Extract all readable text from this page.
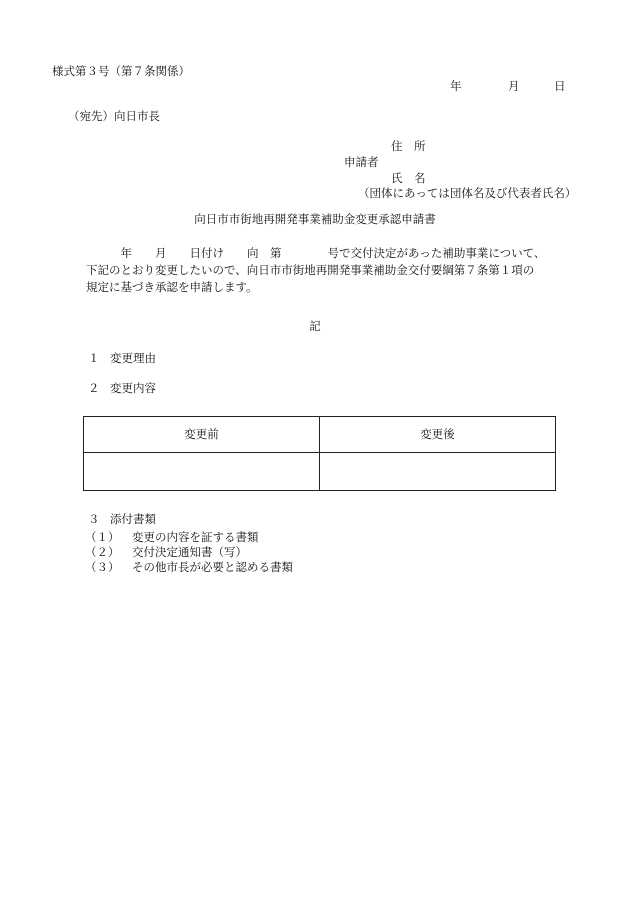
様式第３号（第７条関係）
年	月	日
（宛先）向日市長
申請者
住　所
氏　名
（団体にあっては団体名及び代表者氏名）
向日市市街地再開発事業補助金変更承認申請書
　　　年　　月　　日付け　　向　第　　　　号で交付決定があった補助事業について、
下記のとおり変更したいので、向日市市街地再開発事業補助金交付要綱第７条第１項の
規定に基づき承認を申請します。
記
１ 変更理由
２ 変更内容
変更前	変更後

３ 添付書類
（１） 変更の内容を証する書類
（２） 交付決定通知書（写）
（３） その他市長が必要と認める書類
